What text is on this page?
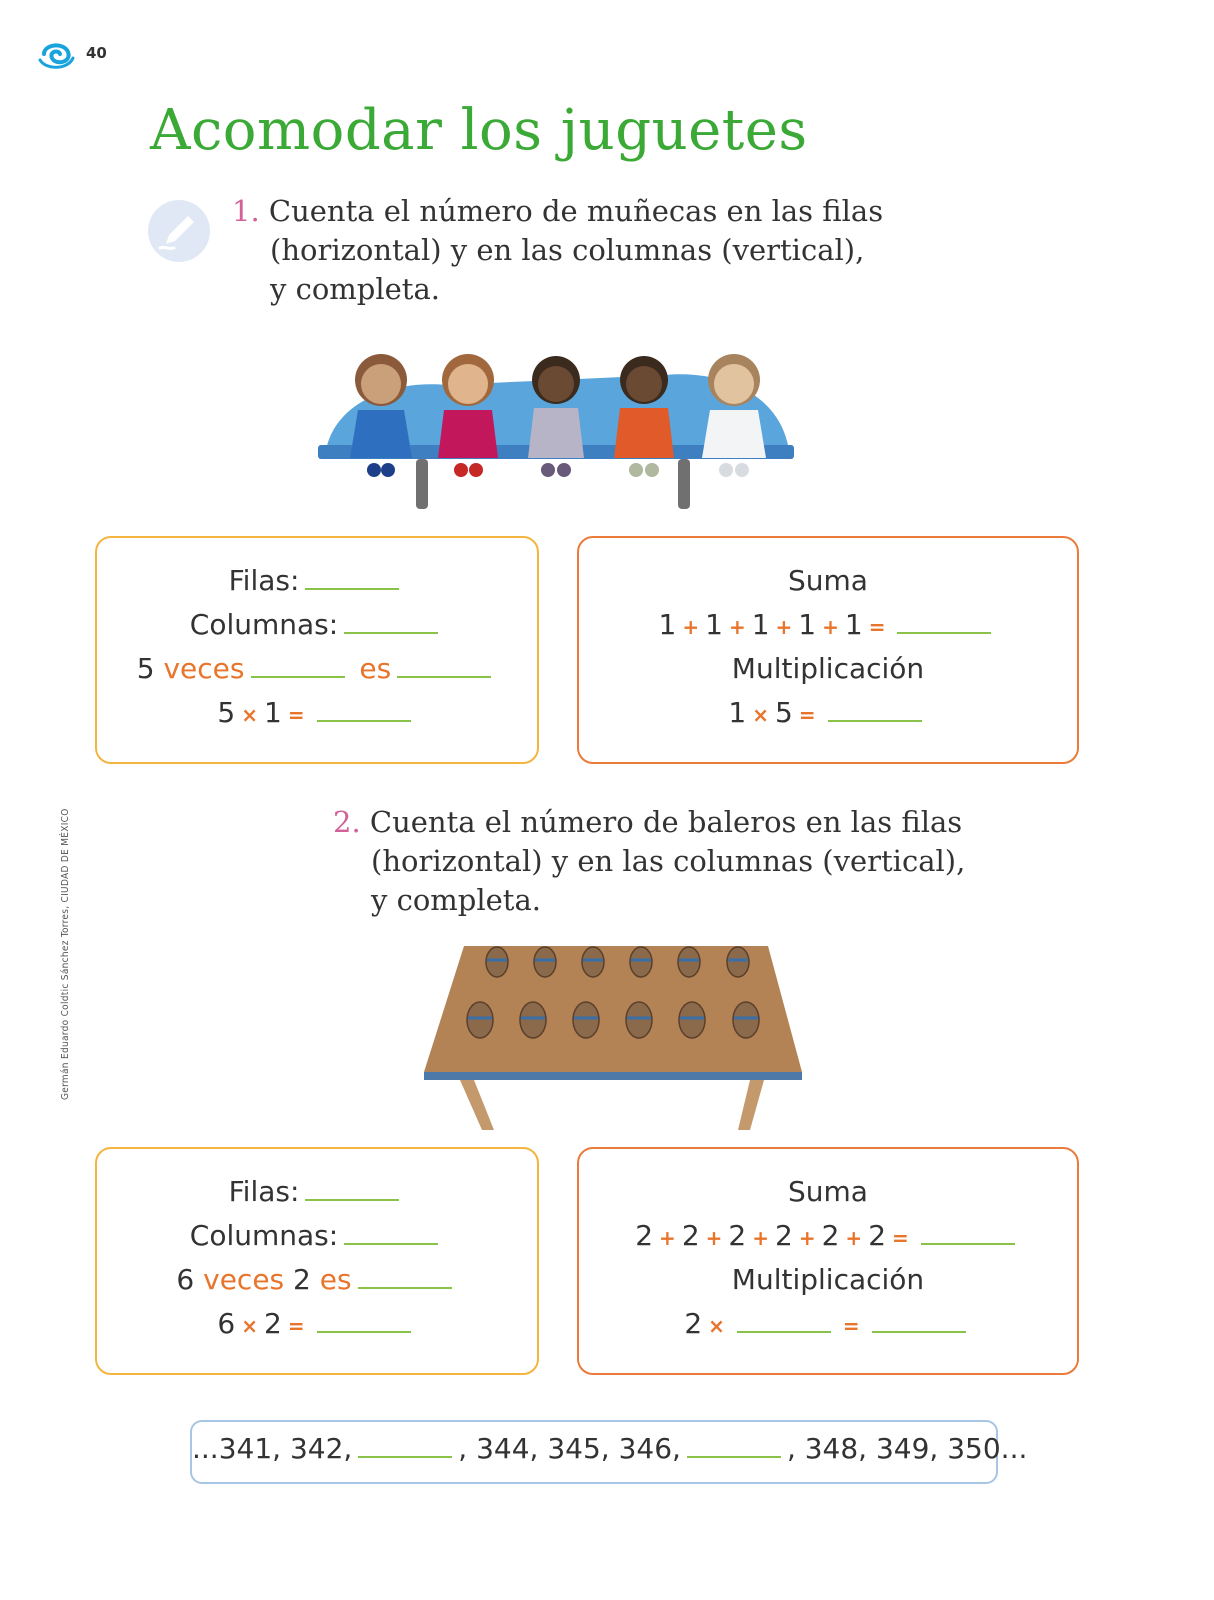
40
Acomodar los juguetes
1. Cuenta el número de muñecas en las filas
(horizontal) y en las columnas (vertical),
y completa.
Filas:
Columnas:
5 veces	es
5 × 1 =
Suma
1 + 1 + 1 + 1 + 1 =
Multiplicación
1 × 5 =
Germán Eduardo Coldtic Sánchez Torres, CIUDAD DE MÉXICO	2. Cuenta el número de baleros en las filas
(horizontal) y en las columnas (vertical),
y completa.
Filas:
Columnas:
6 veces 2 es
6 × 2 =
Suma
2 + 2 + 2 + 2 + 2 + 2 =
Multiplicación
2 ×	=
...341, 342,	, 344, 345, 346,	, 348, 349, 350...
